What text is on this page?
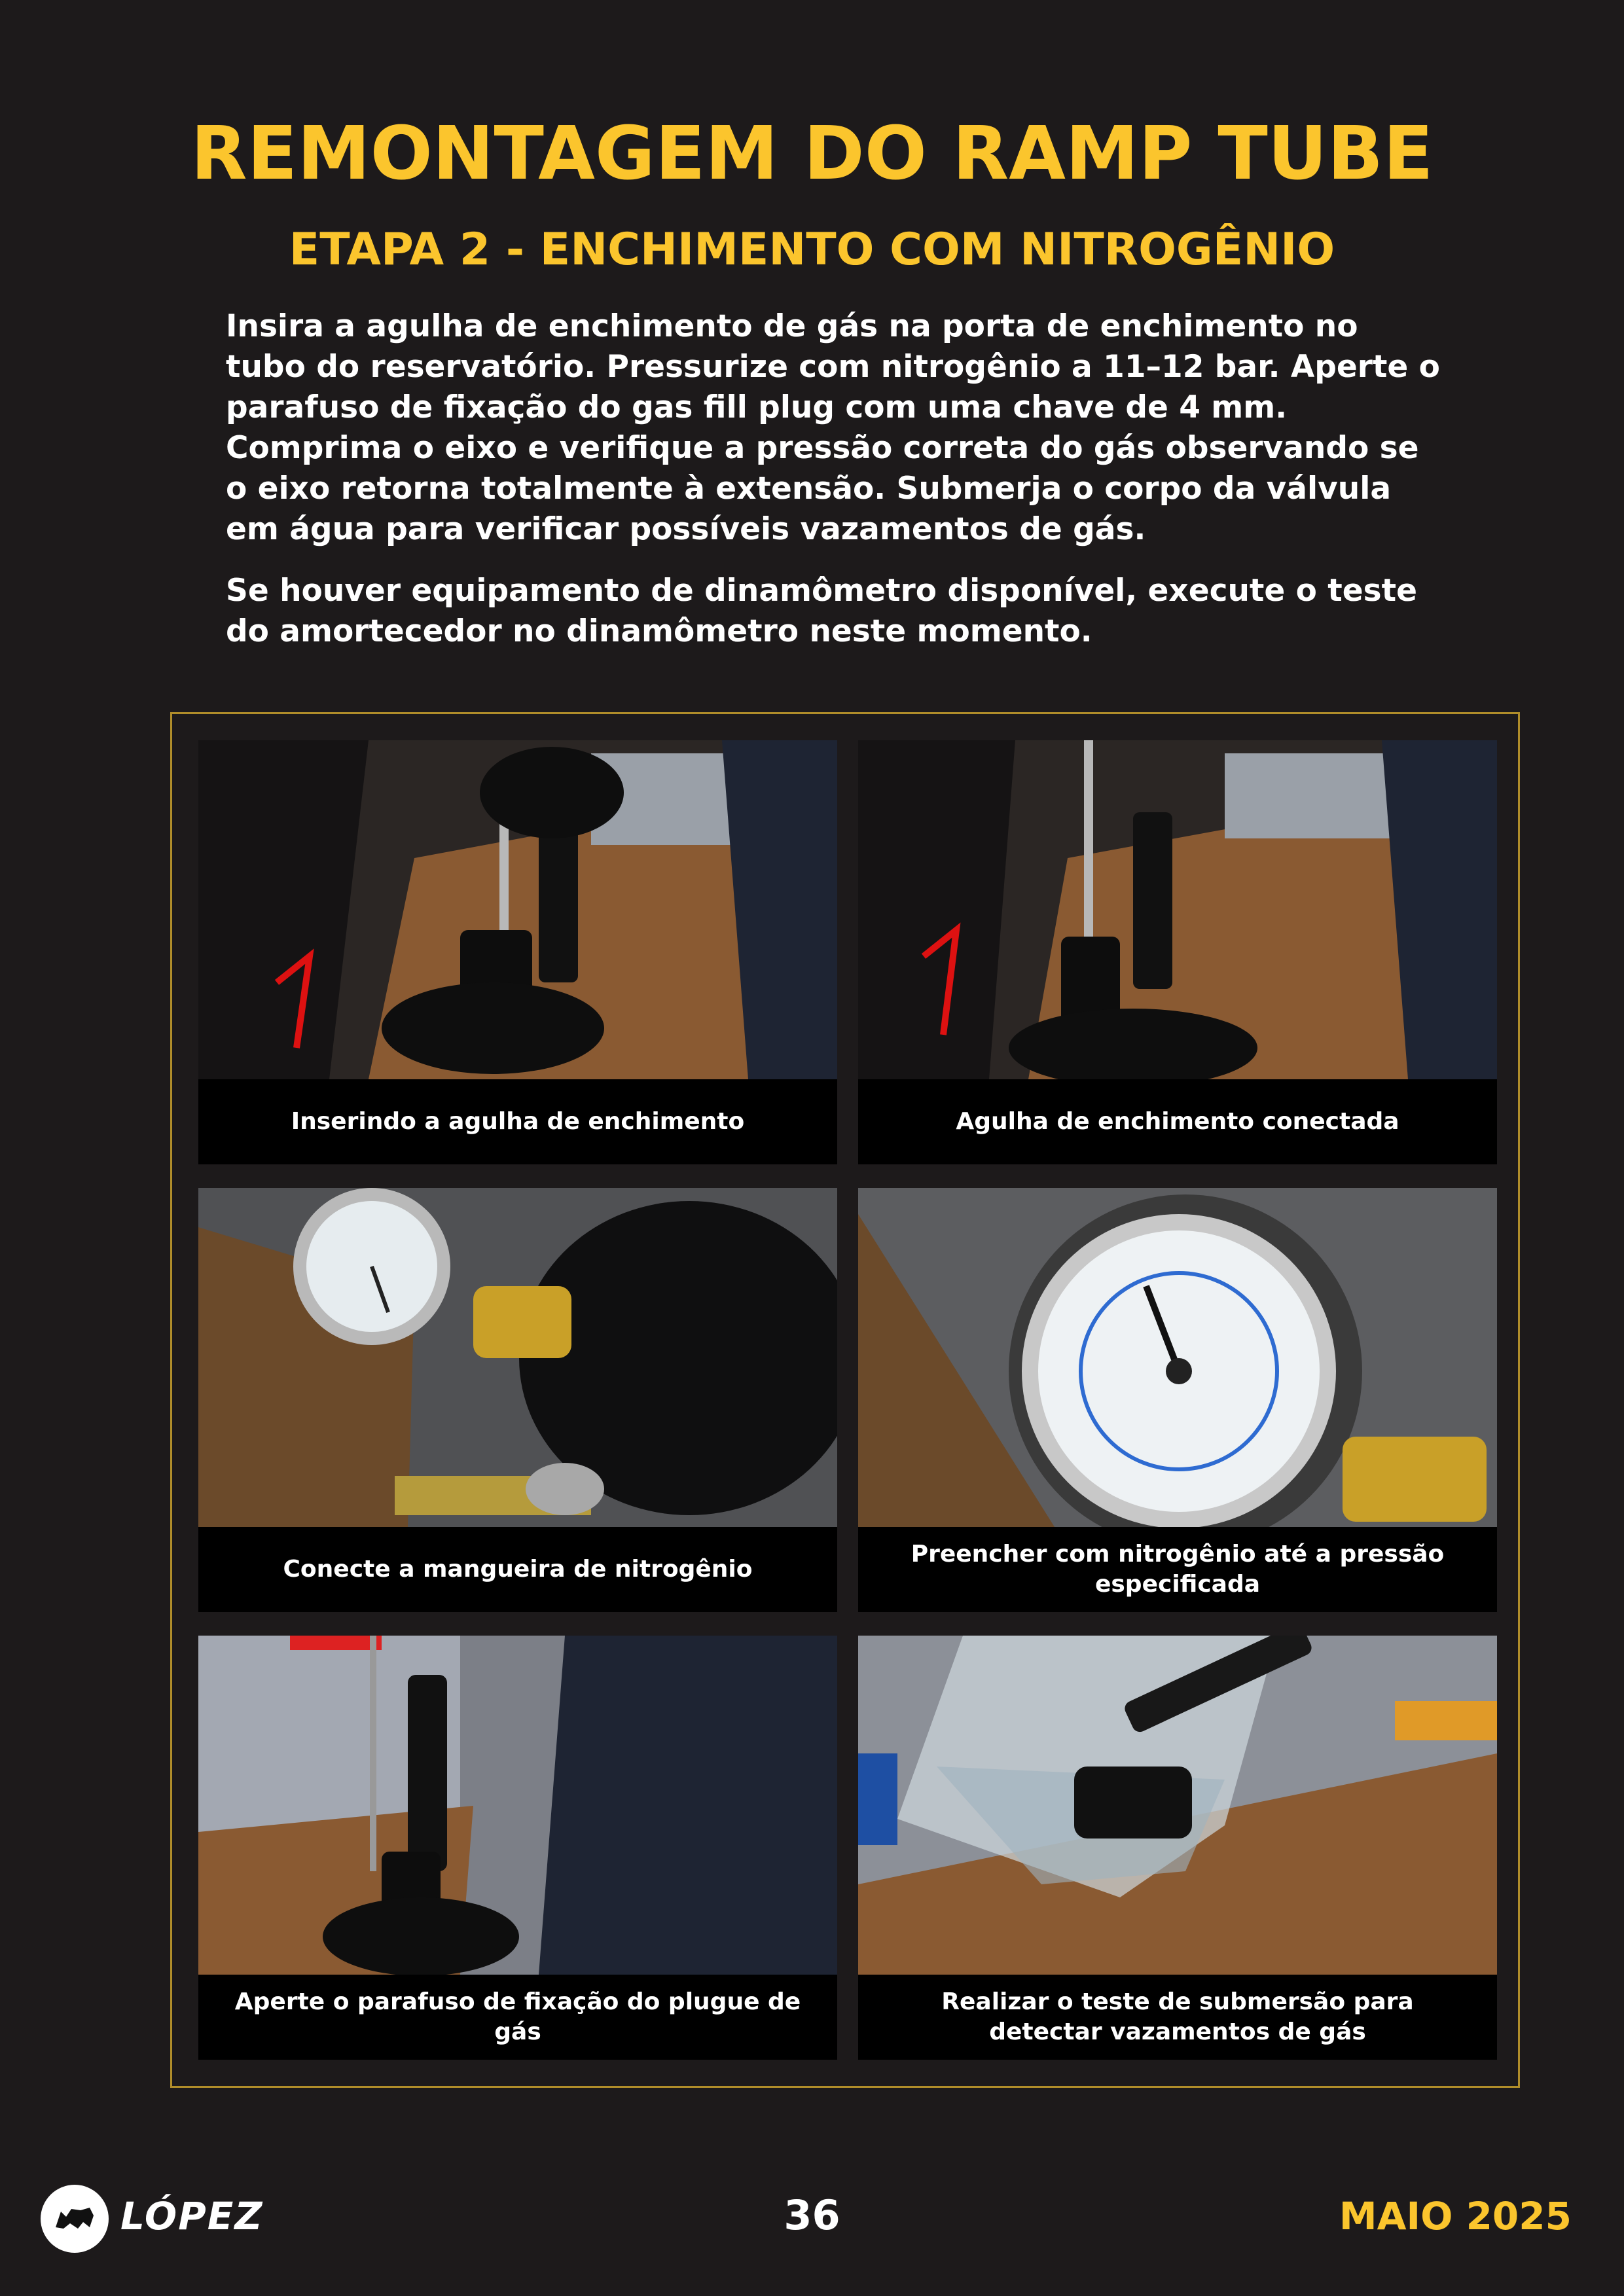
REMONTAGEM DO RAMP TUBE
ETAPA 2 - ENCHIMENTO COM NITROGÊNIO
Insira a agulha de enchimento de gás na porta de enchimento no tubo do reservatório. Pressurize com nitrogênio a 11–12 bar. Aperte o parafuso de fixação do gas fill plug com uma chave de 4 mm. Comprima o eixo e verifique a pressão correta do gás observando se o eixo retorna totalmente à extensão. Submerja o corpo da válvula em água para verificar possíveis vazamentos de gás.
Se houver equipamento de dinamômetro disponível, execute o teste do amortecedor no dinamômetro neste momento.
Inserindo a agulha de enchimento	Agulha de enchimento conectada
Conecte a mangueira de nitrogênio
Preencher com nitrogênio até a pressão especificada
Aperte o parafuso de fixação do plugue de gás
Realizar o teste de submersão para detectar vazamentos de gás
LÓPEZ	36	MAIO 2025
